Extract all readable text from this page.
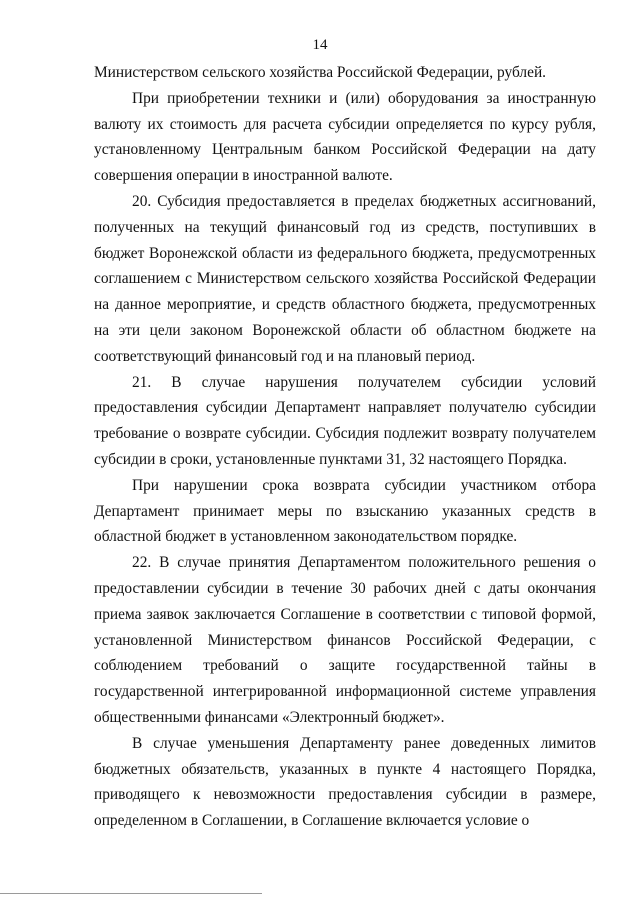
14

Министерством сельского хозяйства Российской Федерации, рублей.

При приобретении техники и (или) оборудования за иностранную валюту их стоимость для расчета субсидии определяется по курсу рубля, установленному Центральным банком Российской Федерации на дату совершения операции в иностранной валюте.

20. Субсидия предоставляется в пределах бюджетных ассигнований, полученных на текущий финансовый год из средств, поступивших в бюджет Воронежской области из федерального бюджета, предусмотренных соглашением с Министерством сельского хозяйства Российской Федерации на данное мероприятие, и средств областного бюджета, предусмотренных на эти цели законом Воронежской области об областном бюджете на соответствующий финансовый год и на плановый период.

21. В случае нарушения получателем субсидии условий предоставления субсидии Департамент направляет получателю субсидии требование о возврате субсидии. Субсидия подлежит возврату получателем субсидии в сроки, установленные пунктами 31, 32 настоящего Порядка.

При нарушении срока возврата субсидии участником отбора Департамент принимает меры по взысканию указанных средств в областной бюджет в установленном законодательством порядке.

22. В случае принятия Департаментом положительного решения о предоставлении субсидии в течение 30 рабочих дней с даты окончания приема заявок заключается Соглашение в соответствии с типовой формой, установленной Министерством финансов Российской Федерации, с соблюдением требований о защите государственной тайны в государственной интегрированной информационной системе управления общественными финансами «Электронный бюджет».

В случае уменьшения Департаменту ранее доведенных лимитов бюджетных обязательств, указанных в пункте 4 настоящего Порядка, приводящего к невозможности предоставления субсидии в размере, определенном в Соглашении, в Соглашение включается условие о
